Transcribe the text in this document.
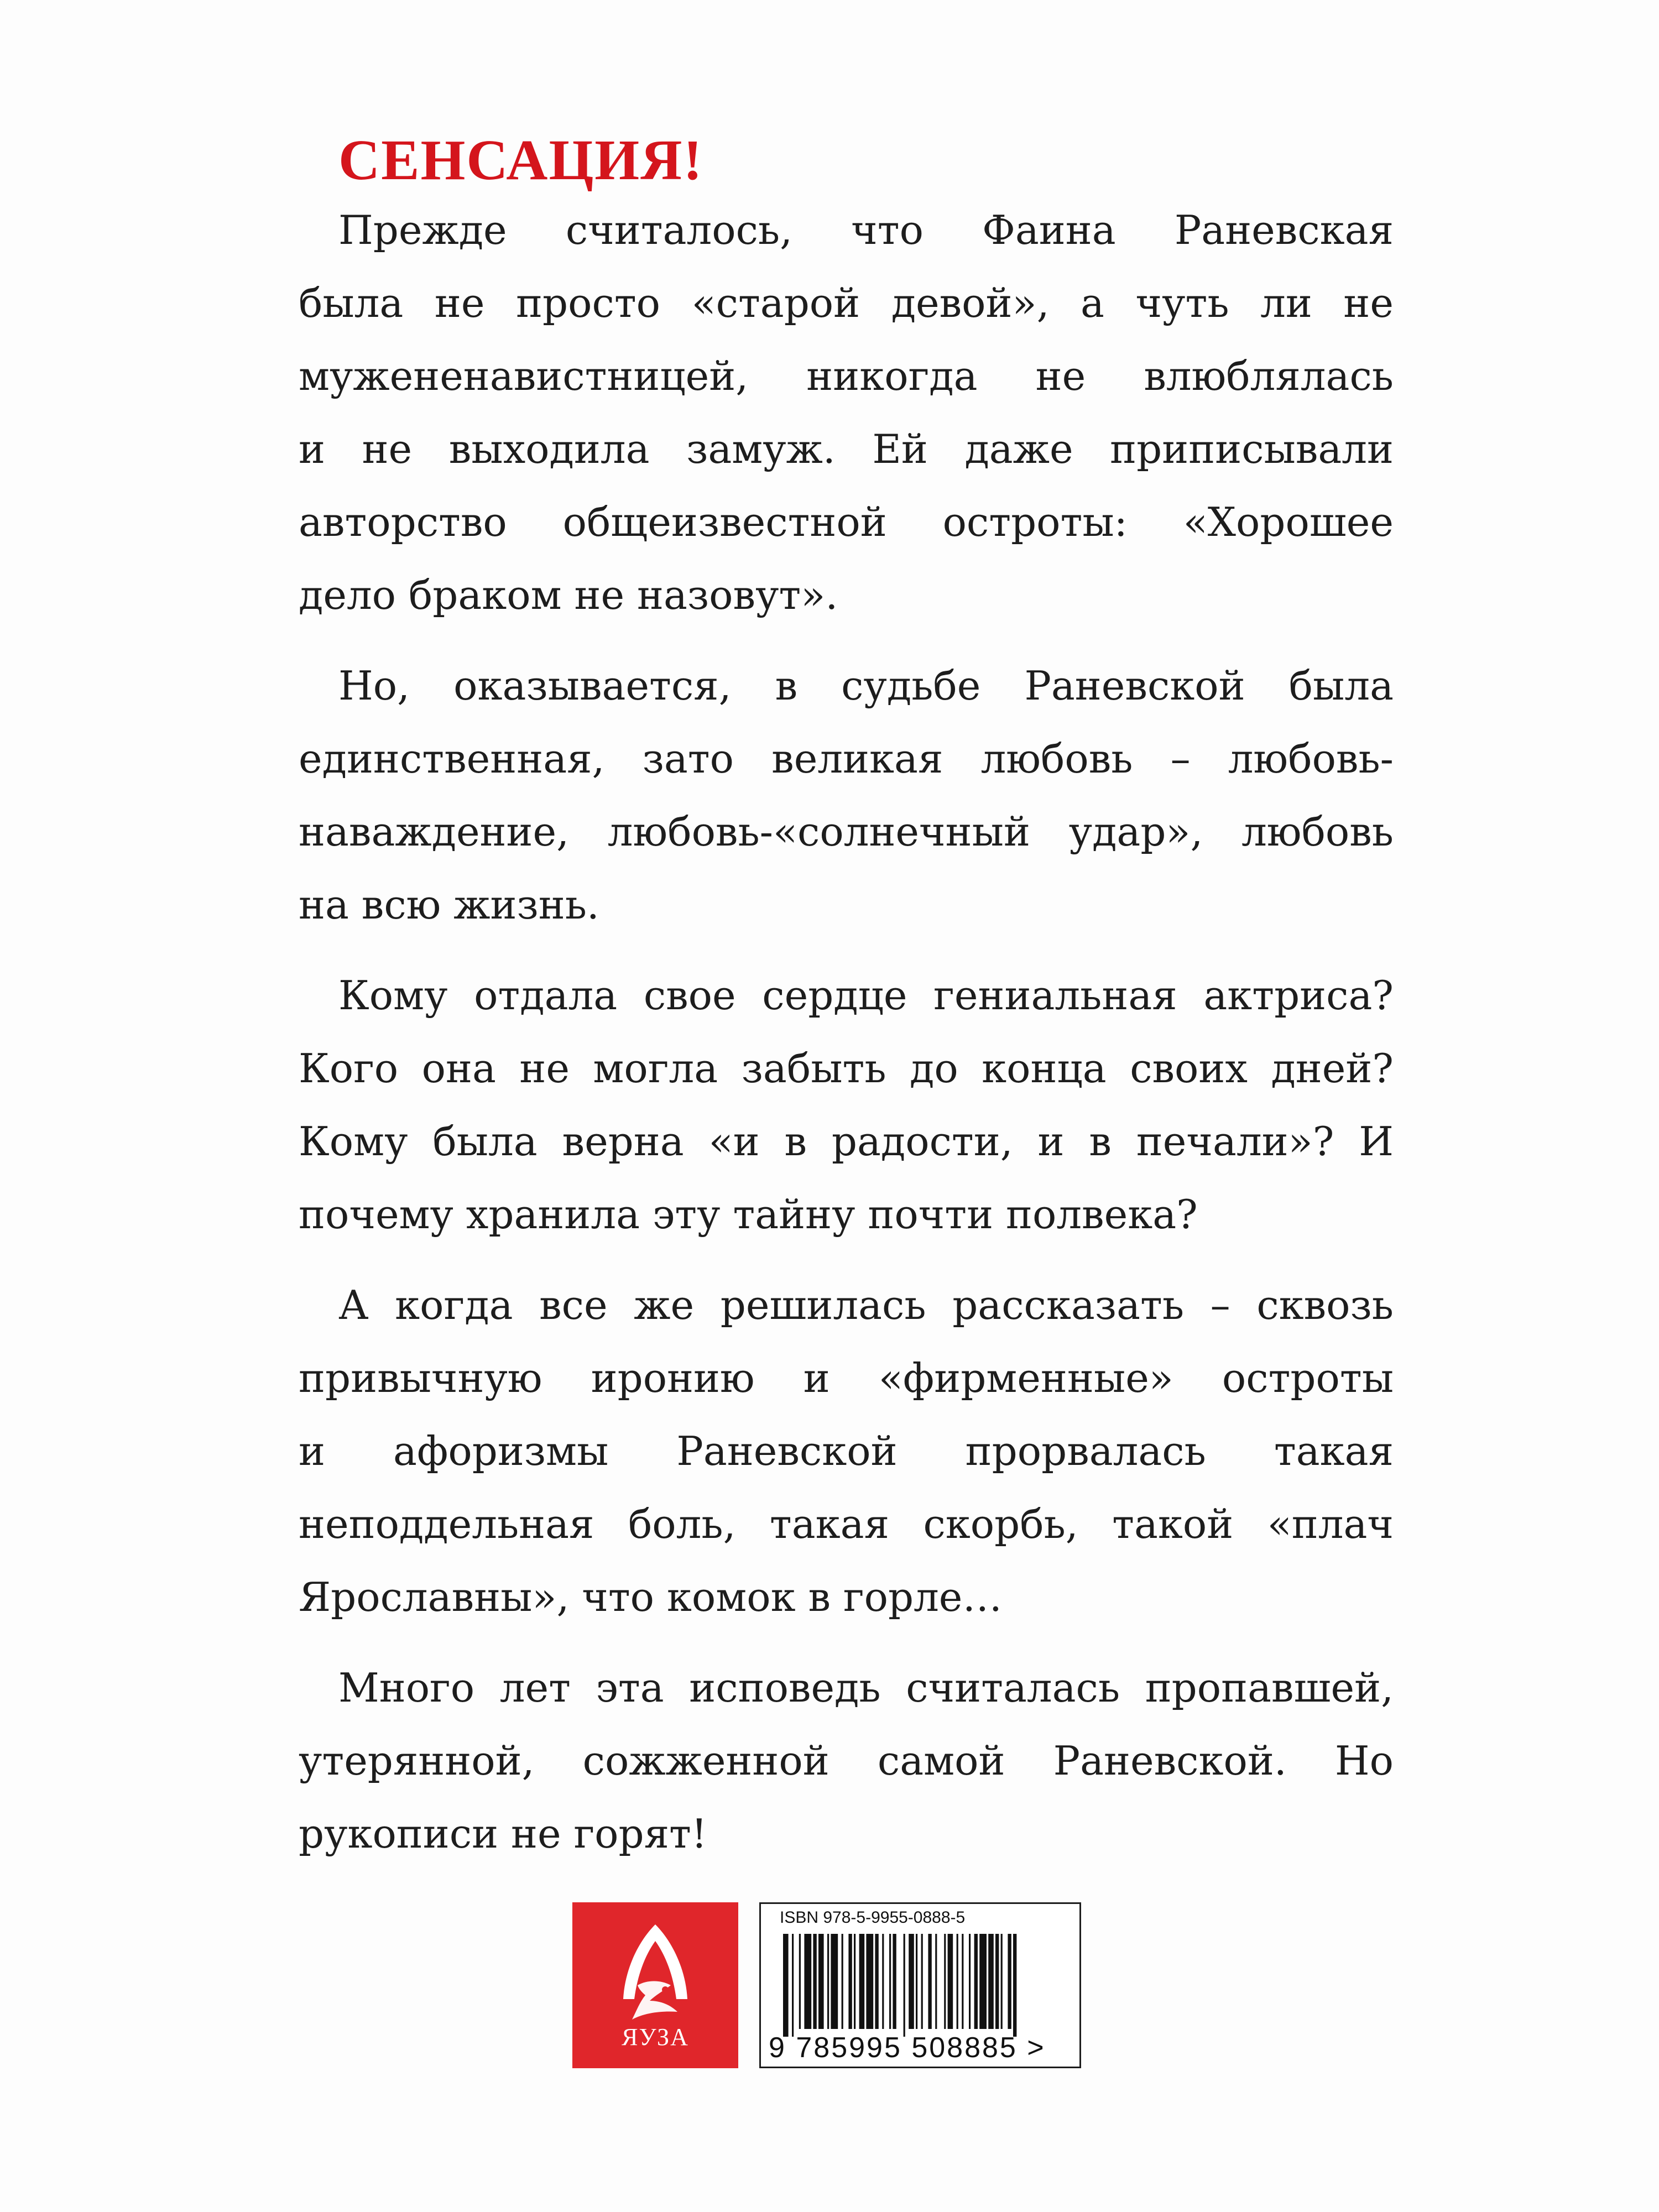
СЕНСАЦИЯ!

Прежде считалось, что Фаина Раневская
была не просто «старой девой», а чуть ли не
мужененавистницей, никогда не влюблялась
и не выходила замуж. Ей даже приписывали
авторство общеизвестной остроты: «Хорошее
дело браком не назовут».

Но, оказывается, в судьбе Раневской была
единственная, зато великая любовь – любовь-
наваждение, любовь-«солнечный удар», любовь
на всю жизнь.

Кому отдала свое сердце гениальная актриса?
Кого она не могла забыть до конца своих дней?
Кому была верна «и в радости, и в печали»? И
почему хранила эту тайну почти полвека?

А когда все же решилась рассказать – сквозь
привычную иронию и «фирменные» остроты
и афоризмы Раневской прорвалась такая
неподдельная боль, такая скорбь, такой «плач
Ярославны», что комок в горле…

Много лет эта исповедь считалась пропавшей,
утерянной, сожженной самой Раневской. Но
рукописи не горят!

ЯУЗА
ISBN 978-5-9955-0888-5
9 785995 508885 >
